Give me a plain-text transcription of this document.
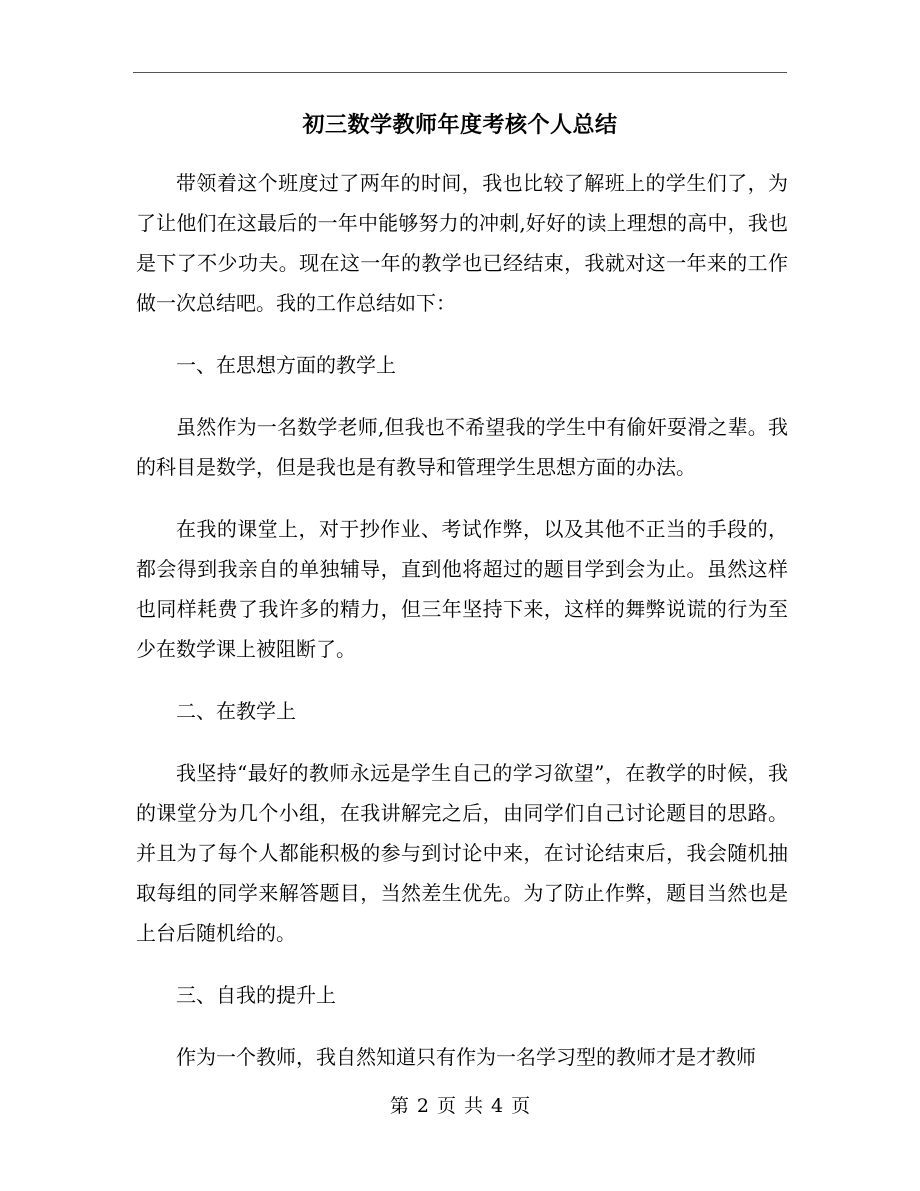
初三数学教师年度考核个人总结

带领着这个班度过了两年的时间，我也比较了解班上的学生们了，为了让他们在这最后的一年中能够努力的冲刺,好好的读上理想的高中，我也是下了不少功夫。现在这一年的教学也已经结束，我就对这一年来的工作做一次总结吧。我的工作总结如下：

一、在思想方面的教学上

虽然作为一名数学老师,但我也不希望我的学生中有偷奸耍滑之辈。我的科目是数学，但是我也是有教导和管理学生思想方面的办法。

在我的课堂上，对于抄作业、考试作弊，以及其他不正当的手段的，都会得到我亲自的单独辅导，直到他将超过的题目学到会为止。虽然这样也同样耗费了我许多的精力，但三年坚持下来，这样的舞弊说谎的行为至少在数学课上被阻断了。

二、在教学上

我坚持“最好的教师永远是学生自己的学习欲望”，在教学的时候，我的课堂分为几个小组，在我讲解完之后，由同学们自己讨论题目的思路。并且为了每个人都能积极的参与到讨论中来，在讨论结束后，我会随机抽取每组的同学来解答题目，当然差生优先。为了防止作弊，题目当然也是上台后随机给的。

三、自我的提升上

作为一个教师，我自然知道只有作为一名学习型的教师才是才教师

第 2 页 共 4 页
